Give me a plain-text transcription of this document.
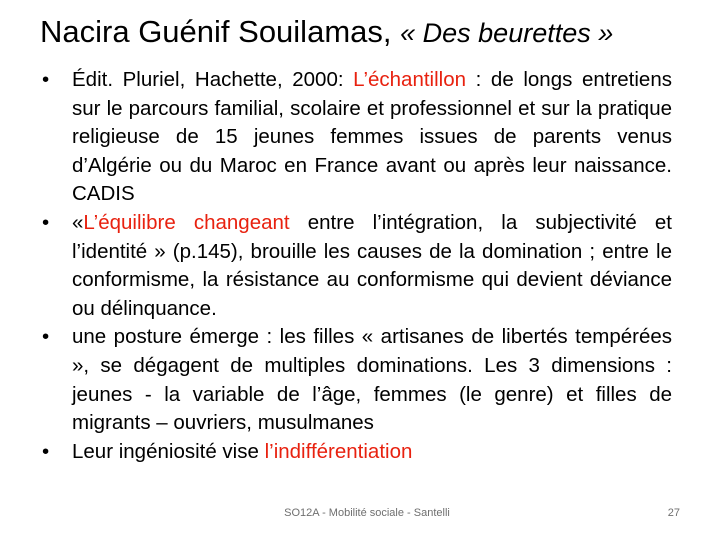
Nacira Guénif Souilamas, « Des beurettes »
•	Édit. Pluriel, Hachette, 2000: L’échantillon : de longs entretiens sur le parcours familial, scolaire et professionnel et sur la pratique religieuse de 15 jeunes femmes issues de parents venus d’Algérie ou du Maroc en France avant ou après leur naissance. CADIS
•	«L’équilibre changeant entre l’intégration, la subjectivité et l’identité » (p.145), brouille les causes de la domination ; entre le conformisme, la résistance au conformisme qui devient déviance ou délinquance.
•	une posture émerge : les filles « artisanes de libertés tempérées », se dégagent de multiples dominations. Les 3 dimensions : jeunes - la variable de l’âge, femmes (le genre) et filles de migrants – ouvriers, musulmanes
•	Leur ingéniosité vise l’indifférentiation
SO12A - Mobilité sociale - Santelli	27
